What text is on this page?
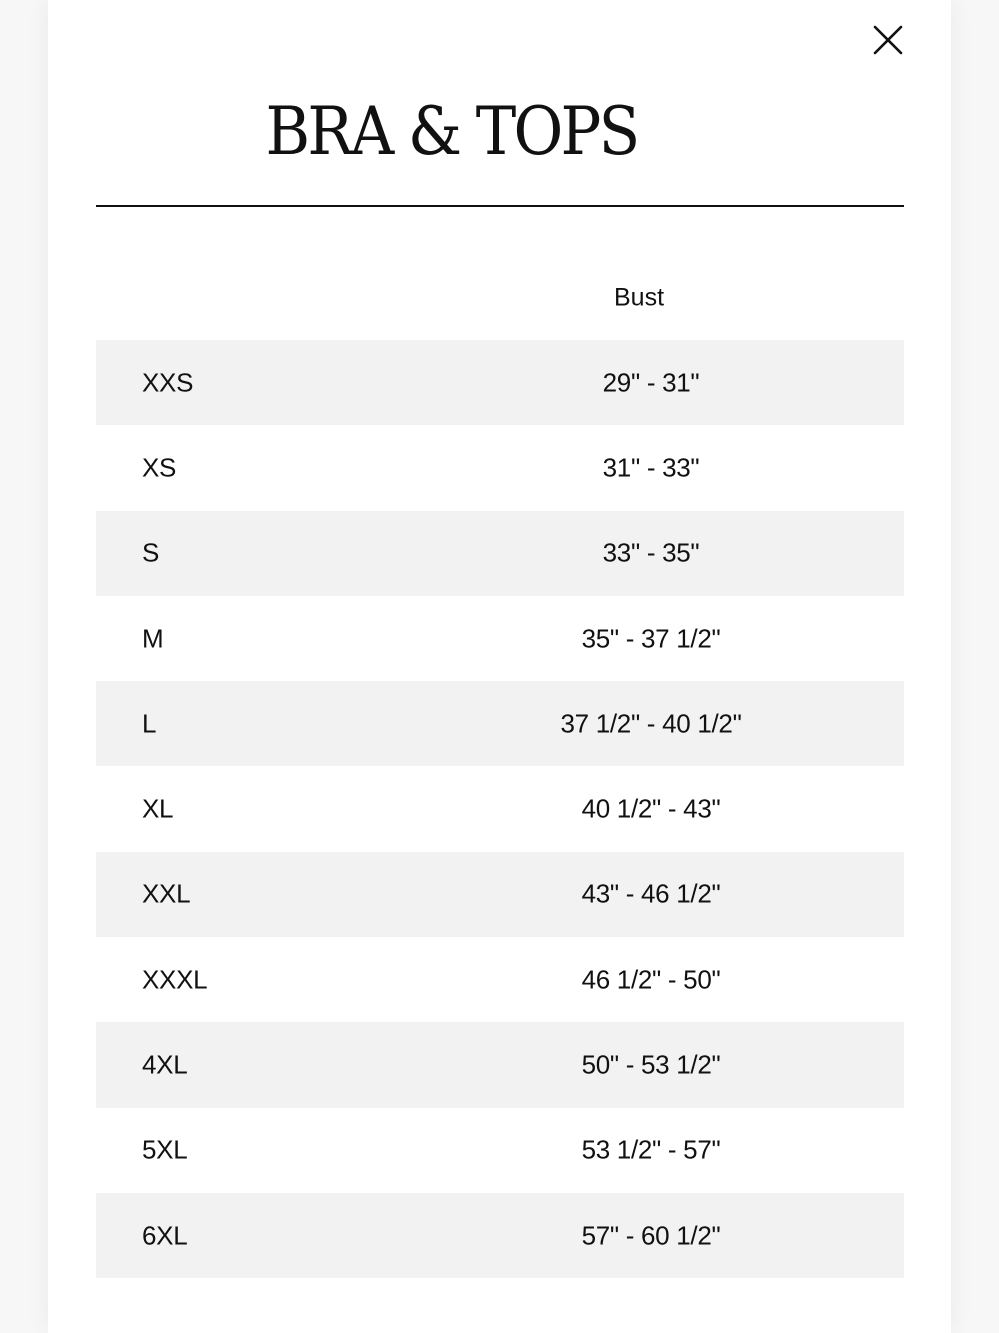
BRA & TOPS
Bust
XXS	29" - 31"
XS	31" - 33"
S	33" - 35"
M	35" - 37 1/2"
L	37 1/2" - 40 1/2"
XL	40 1/2" - 43"
XXL	43" - 46 1/2"
XXXL	46 1/2" - 50"
4XL	50" - 53 1/2"
5XL	53 1/2" - 57"
6XL	57" - 60 1/2"
